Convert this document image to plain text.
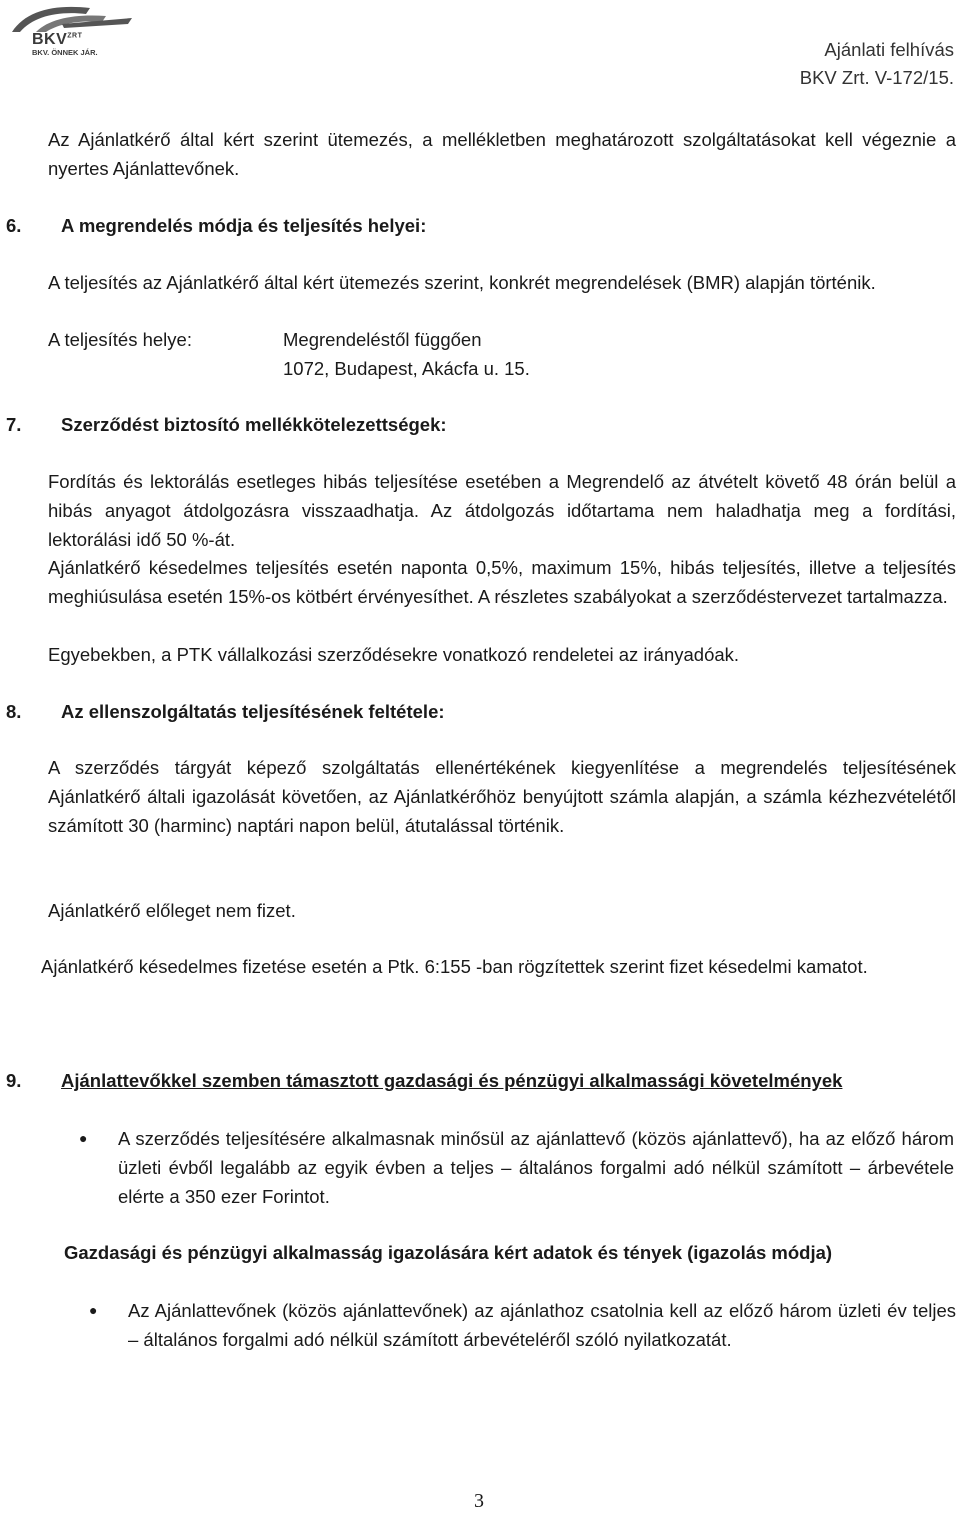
$BKV^{ZRT}$
BKV. ÖNNEK JÁR.	Ajánlati felhívás
BKV Zrt. V-172/15.
Az Ajánlatkérő által kért szerint ütemezés, a mellékletben meghatározott szolgáltatásokat kell végeznie a nyertes Ajánlattevőnek.
6. A megrendelés módja és teljesítés helyei:
A teljesítés az Ajánlatkérő által kért ütemezés szerint, konkrét megrendelések (BMR) alapján történik.
A teljesítés helye:	Megrendeléstől függően
1072, Budapest, Akácfa u. 15.
7. Szerződést biztosító mellékkötelezettségek:
Fordítás és lektorálás esetleges hibás teljesítése esetében a Megrendelő az átvételt követő 48 órán belül a hibás anyagot átdolgozásra visszaadhatja. Az átdolgozás időtartama nem haladhatja meg a fordítási, lektorálási idő 50 %-át.
Ajánlatkérő késedelmes teljesítés esetén naponta 0,5%, maximum 15%, hibás teljesítés, illetve a teljesítés meghiúsulása esetén 15%-os kötbért érvényesíthet. A részletes szabályokat a szerződéstervezet tartalmazza.
Egyebekben, a PTK vállalkozási szerződésekre vonatkozó rendeletei az irányadóak.
8. Az ellenszolgáltatás teljesítésének feltétele:
A szerződés tárgyát képező szolgáltatás ellenértékének kiegyenlítése a megrendelés teljesítésének Ajánlatkérő általi igazolását követően, az Ajánlatkérőhöz benyújtott számla alapján, a számla kézhezvételétől számított 30 (harminc) naptári napon belül, átutalással történik.
Ajánlatkérő előleget nem fizet.
Ajánlatkérő késedelmes fizetése esetén a Ptk. 6:155 -ban rögzítettek szerint fizet késedelmi kamatot.
9. Ajánlattevőkkel szemben támasztott gazdasági és pénzügyi alkalmassági követelmények
● A szerződés teljesítésére alkalmasnak minősül az ajánlattevő (közös ajánlattevő), ha az előző három üzleti évből legalább az egyik évben a teljes – általános forgalmi adó nélkül számított – árbevétele elérte a 350 ezer Forintot.
Gazdasági és pénzügyi alkalmasság igazolására kért adatok és tények (igazolás módja)
● Az Ajánlattevőnek (közös ajánlattevőnek) az ajánlathoz csatolnia kell az előző három üzleti év teljes – általános forgalmi adó nélkül számított árbevételéről szóló nyilatkozatát.
3
